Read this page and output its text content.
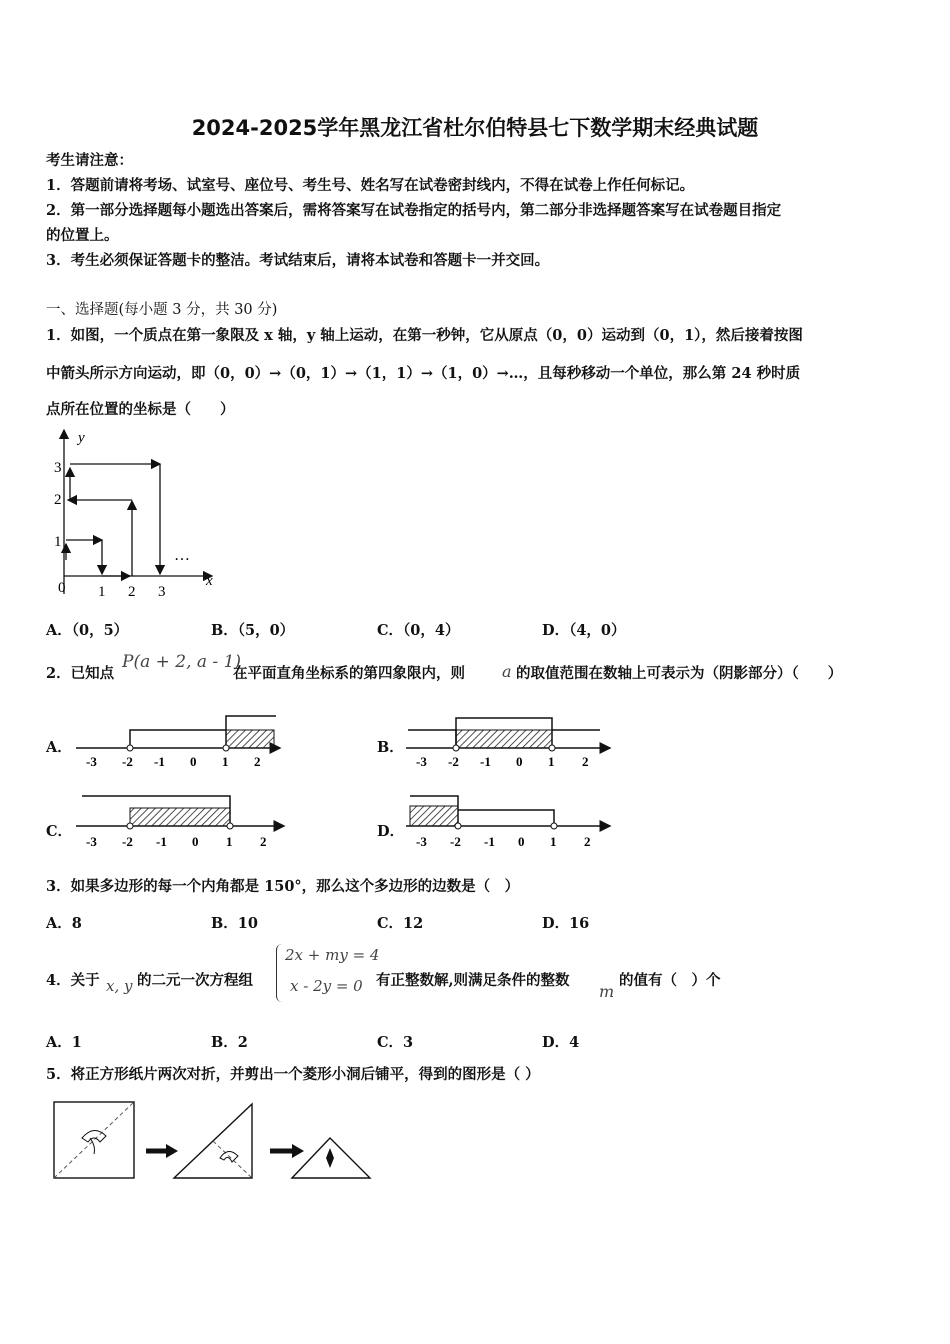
2024-2025学年黑龙江省杜尔伯特县七下数学期末经典试题
考生请注意：
1．答题前请将考场、试室号、座位号、考生号、姓名写在试卷密封线内，不得在试卷上作任何标记。
2．第一部分选择题每小题选出答案后，需将答案写在试卷指定的括号内，第二部分非选择题答案写在试卷题目指定
的位置上。
3．考生必须保证答题卡的整洁。考试结束后，请将本试卷和答题卡一并交回。
一、选择题(每小题 3 分，共 30 分)
1．如图，一个质点在第一象限及 x 轴，y 轴上运动，在第一秒钟，它从原点（0，0）运动到（0，1），然后接着按图
中箭头所示方向运动，即（0，0）→（0，1）→（1，1）→（1，0）→…，且每秒移动一个单位，那么第 24 秒时质
点所在位置的坐标是（　　）
y
x
0 1 2 3
1
2
3
…
A．（0，5）	B．（5，0）	C．（0，4）	D．（4，0）
2．已知点
P(a + 2, a - 1)
在平面直角坐标系的第四象限内，则 a 的取值范围在数轴上可表示为（阴影部分）（　　）
A．
-3 -2 -1 0 1 2
B．
-3 -2 -1 0 1 2
C．
-3 -2 -1 0 1 2
D．
-3 -2 -1 0 1 2
3．如果多边形的每一个内角都是 150°，那么这个多边形的边数是（　）
A．8	B．10	C．12	D．16
4．关于 x, y 的二元一次方程组
2x + my = 4
x - 2y = 0 有正整数解,则满足条件的整数
m
的值有（　）个
A．1	B．2	C．3	D．4
5．将正方形纸片两次对折，并剪出一个菱形小洞后铺平，得到的图形是（ ）
